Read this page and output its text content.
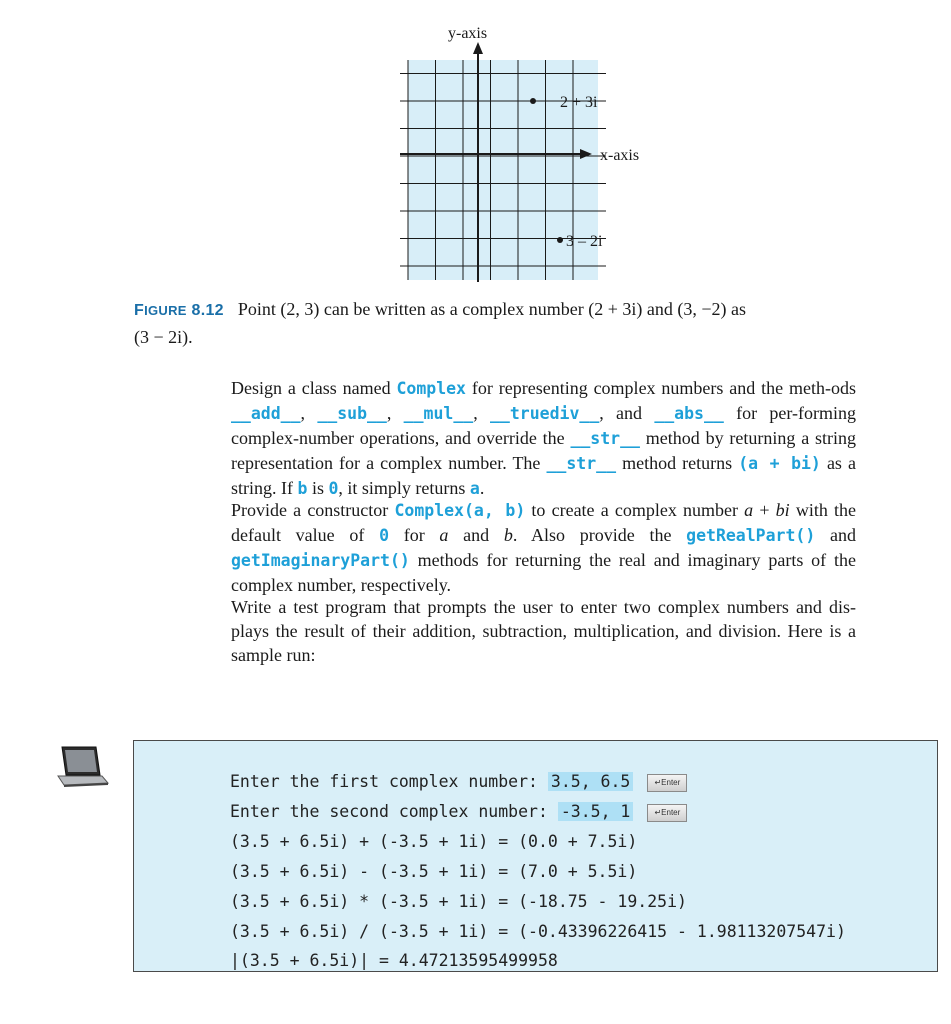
y-axis
x-axis
2 + 3i
3 – 2i
FIGURE 8.12 Point (2, 3) can be written as a complex number (2 + 3i) and (3, −2) as
(3 − 2i).
Design a class named Complex for representing complex numbers and the meth-ods __add__, __sub__, __mul__, __truediv__, and __abs__ for per-forming complex-number operations, and override the __str__ method by returning a string representation for a complex number. The __str__ method returns (a + bi) as a string. If b is 0, it simply returns a.
Provide a constructor Complex(a, b) to create a complex number a + bi with the default value of 0 for a and b. Also provide the getRealPart() and getImaginaryPart() methods for returning the real and imaginary parts of the complex number, respectively.
Write a test program that prompts the user to enter two complex numbers and dis-plays the result of their addition, subtraction, multiplication, and division. Here is a sample run:
Enter the first complex number: 3.5, 6.5	↵Enter
Enter the second complex number: -3.5, 1	↵Enter
(3.5 + 6.5i) + (-3.5 + 1i) = (0.0 + 7.5i)
(3.5 + 6.5i) - (-3.5 + 1i) = (7.0 + 5.5i)
(3.5 + 6.5i) * (-3.5 + 1i) = (-18.75 - 19.25i)
(3.5 + 6.5i) / (-3.5 + 1i) = (-0.43396226415 - 1.98113207547i)
|(3.5 + 6.5i)| = 4.47213595499958
